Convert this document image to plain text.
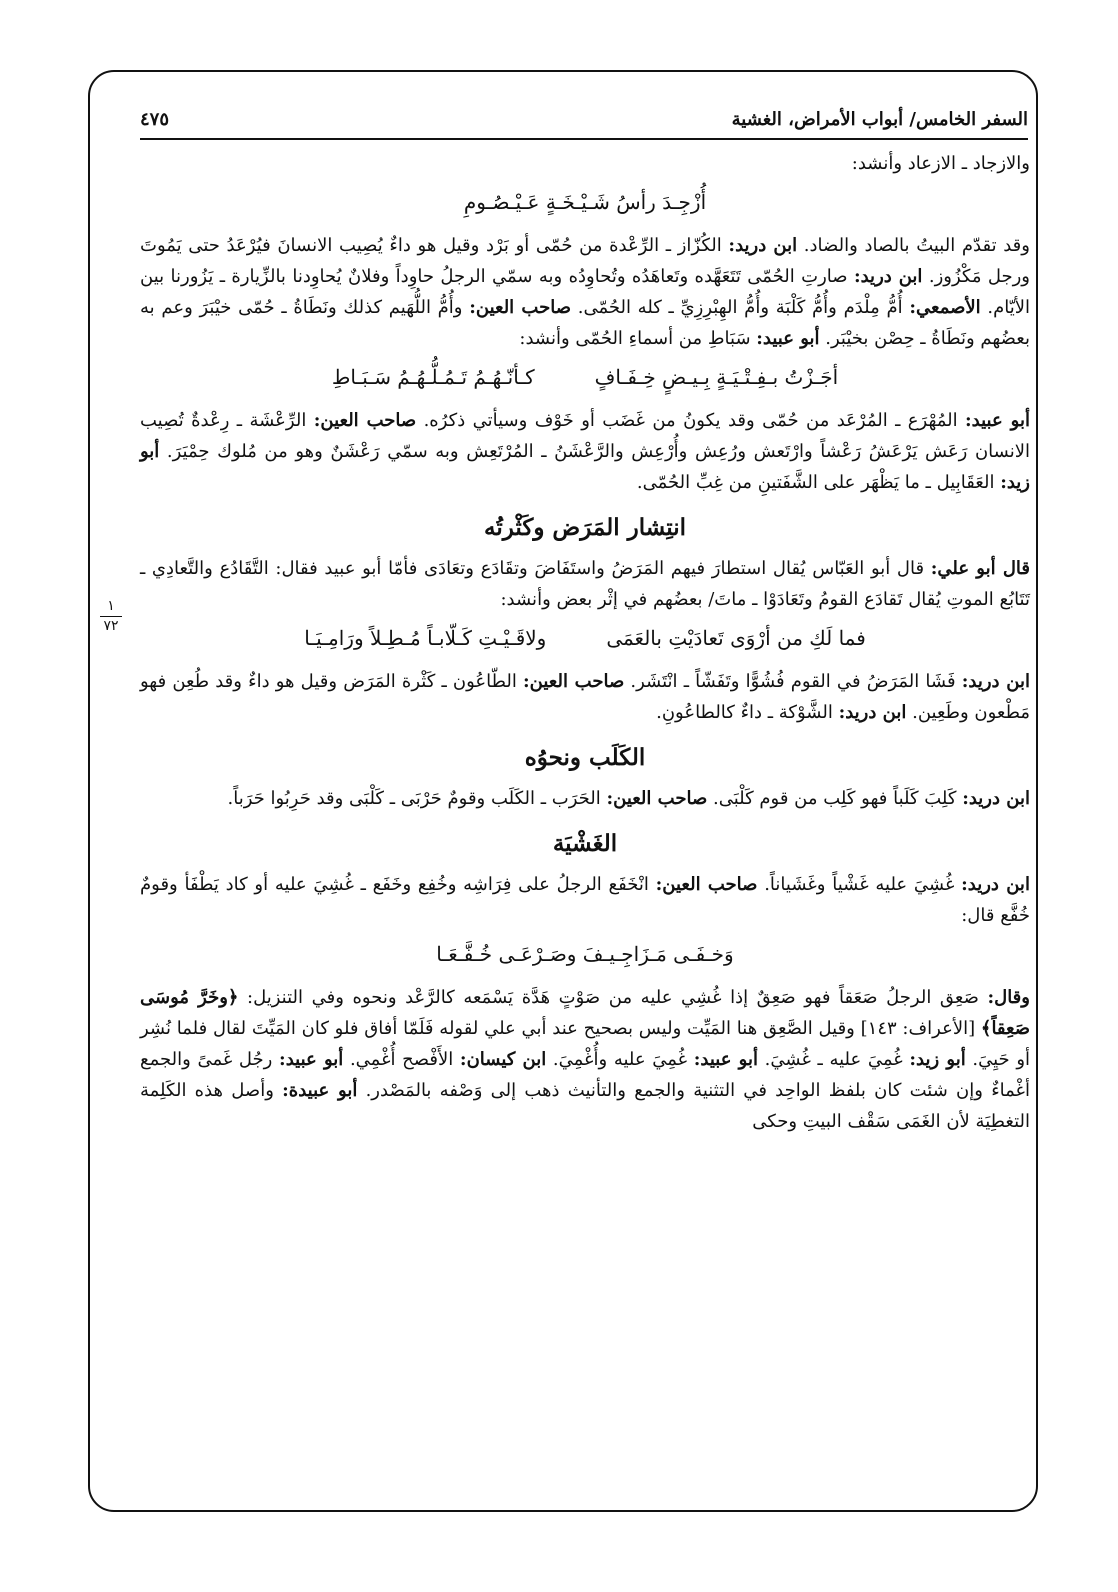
السفر الخامس/ أبواب الأمراض، الغشية
٤٧٥
١
٧٢

والازجاد ـ الازعاد وأنشد:

أُزْجِـدَ رأسُ شَـيْـخَـةٍ عَـيْـصُـومِ

وقد تقدّم البيتُ بالصاد والضاد. ابن دريد: الكُزّاز ـ الرِّعْدة من حُمّى أو بَرْد وقيل هو داءٌ يُصِيب الانسانَ فيُرْعَدُ حتى يَمُوتَ ورجل مَكْزُوز. ابن دريد: صارتِ الحُمّى تَتَعَهَّده وتَعاهَدُه وتُحاوِدُه وبه سمّي الرجلُ حاوِداً وفلانٌ يُحاوِدنا بالزِّيارة ـ يَزُورنا بين الأيّام. الأصمعي: أُمُّ مِلْدَم وأُمُّ كَلْبَة وأُمُّ الهِبْرِزِيِّ ـ كله الحُمّى. صاحب العين: وأُمُّ اللُّهَيم كذلك ونَطَاةُ ـ حُمّى خيْبَرَ وعم به بعضُهم ونَطَاةُ ـ حِصْن بخيْبَر. أبو عبيد: سَبَاطِ من أسماءِ الحُمّى وأنشد:

أجَـزْتُ بـفِـتْـيَـةٍ بِـيـضٍ خِـفَـافٍ
كـأنّـهُـمُ تَـمُـلُّـهُـمُ سَـبَـاطِ

أبو عبيد: المُهْرَع ـ المُرْعَد من حُمّى وقد يكونُ من غَضَب أو خَوْف وسيأتي ذكرُه. صاحب العين: الرِّعْشَة ـ رِعْدةٌ تُصِيب الانسان رَعَش يَرْعَشُ رَعْشاً وارْتَعش ورُعِش وأُرْعِش والرَّعْشَنُ ـ المُرْتَعِش وبه سمّي رَعْشَنٌ وهو من مُلوك حِمْيَرَ. أبو زيد: العَقَابِيل ـ ما يَظْهَر على الشَّفَتينِ من غِبِّ الحُمّى.

انتِشار المَرَض وكَثْرتُه

قال أبو علي: قال أبو العَبّاس يُقال استطارَ فيهم المَرَضُ واستَفَاضَ وتقَادَع وتعَادَى فأمّا أبو عبيد فقال: التَّقَادُع والتَّعادِي ـ تَتَابُع الموتِ يُقال تَقادَع القومُ وتَعَادَوْا ـ ماتَ/ بعضُهم في إثْر بعض وأنشد:

فما لَكِ من أرْوَى تَعادَيْتِ بالعَمَى
ولاقَـيْـتِ كَـلّابـاً مُـطِـلاً ورَامِـيَـا

ابن دريد: فَشَا المَرَضُ في القوم فُشُوًّا وتَفَشّاً ـ انْتَشَر. صاحب العين: الطّاعُون ـ كَثْرة المَرَض وقيل هو داءٌ وقد طُعِن فهو مَطْعون وطَعِين. ابن دريد: الشَّوْكة ـ داءٌ كالطاعُونِ.

الكَلَب ونحوُه

ابن دريد: كَلِبَ كَلَباً فهو كَلِب من قوم كَلْبَى. صاحب العين: الحَرَب ـ الكَلَب وقومٌ حَرْبَى ـ كَلْبَى وقد حَرِبُوا حَرَباً.

الغَشْيَة

ابن دريد: غُشِيَ عليه غَشْياً وغَشَياناً. صاحب العين: انْخَفَع الرجلُ على فِرَاشِه وخُفِع وخَفَع ـ غُشِيَ عليه أو كاد يَطْفَأ وقومٌ خُفَّع قال:

وَخـفَـى مَـزَاجِـيـفَ وصَـرْعَـى خُـفَّـعَـا

وقال: صَعِق الرجلُ صَعَقاً فهو صَعِقٌ إذا غُشِي عليه من صَوْتٍ هَدَّة يَسْمَعه كالرَّعْد ونحوه وفي التنزيل: ﴿وخَرَّ مُوسَى صَعِقاً﴾ [الأعراف: ١٤٣] وقيل الصَّعِق هنا المَيِّت وليس بصحيح عند أبي علي لقوله فَلَمّا أفاق فلو كان المَيِّتَ لقال فلما نُشِر أو حَيِيَ. أبو زيد: غُمِيَ عليه ـ غُشِيَ. أبو عبيد: غُمِيَ عليه وأُغْمِيَ. ابن كيسان: الأَفْصح أُغْمِي. أبو عبيد: رجُل غَمىً والجمع أغْماءٌ وإن شئت كان بلفظ الواحِد في التثنية والجمع والتأنيث ذهب إلى وَصْفه بالمَصْدر. أبو عبيدة: وأصل هذه الكَلِمة التغطِيَة لأن الغَمَى سَقْف البيتِ وحكى
